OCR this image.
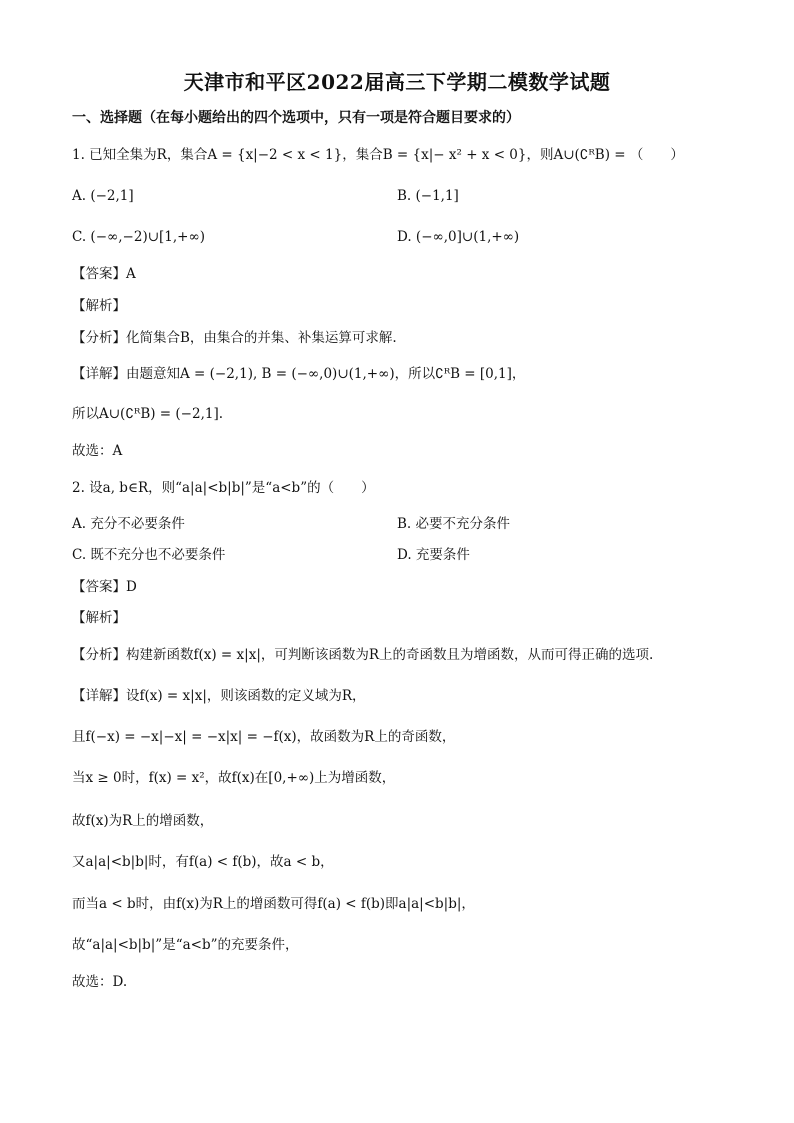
天津市和平区2022届高三下学期二模数学试题
一、选择题（在每小题给出的四个选项中，只有一项是符合题目要求的）
1. 已知全集为R，集合A = {x|−2 < x < 1}，集合B = {x|− x² + x < 0}，则A∪(∁ᴿB) = （　　）
A. (−2,1]	B. (−1,1]
C. (−∞,−2)∪[1,+∞)	D. (−∞,0]∪(1,+∞)
【答案】A
【解析】
【分析】化简集合B，由集合的并集、补集运算可求解.
【详解】由题意知A = (−2,1), B = (−∞,0)∪(1,+∞)，所以∁ᴿB = [0,1]，
所以A∪(∁ᴿB) = (−2,1].
故选：A
2. 设a, b∈R，则“a|a|<b|b|”是“a<b”的（　　）
A. 充分不必要条件	B. 必要不充分条件
C. 既不充分也不必要条件	D. 充要条件
【答案】D
【解析】
【分析】构建新函数f(x) = x|x|，可判断该函数为R上的奇函数且为增函数，从而可得正确的选项.
【详解】设f(x) = x|x|，则该函数的定义域为R，
且f(−x) = −x|−x| = −x|x| = −f(x)，故函数为R上的奇函数，
当x ≥ 0时，f(x) = x²，故f(x)在[0,+∞)上为增函数，
故f(x)为R上的增函数，
又a|a|<b|b|时，有f(a) < f(b)，故a < b，
而当a < b时，由f(x)为R上的增函数可得f(a) < f(b)即a|a|<b|b|，
故“a|a|<b|b|”是“a<b”的充要条件，
故选：D.
